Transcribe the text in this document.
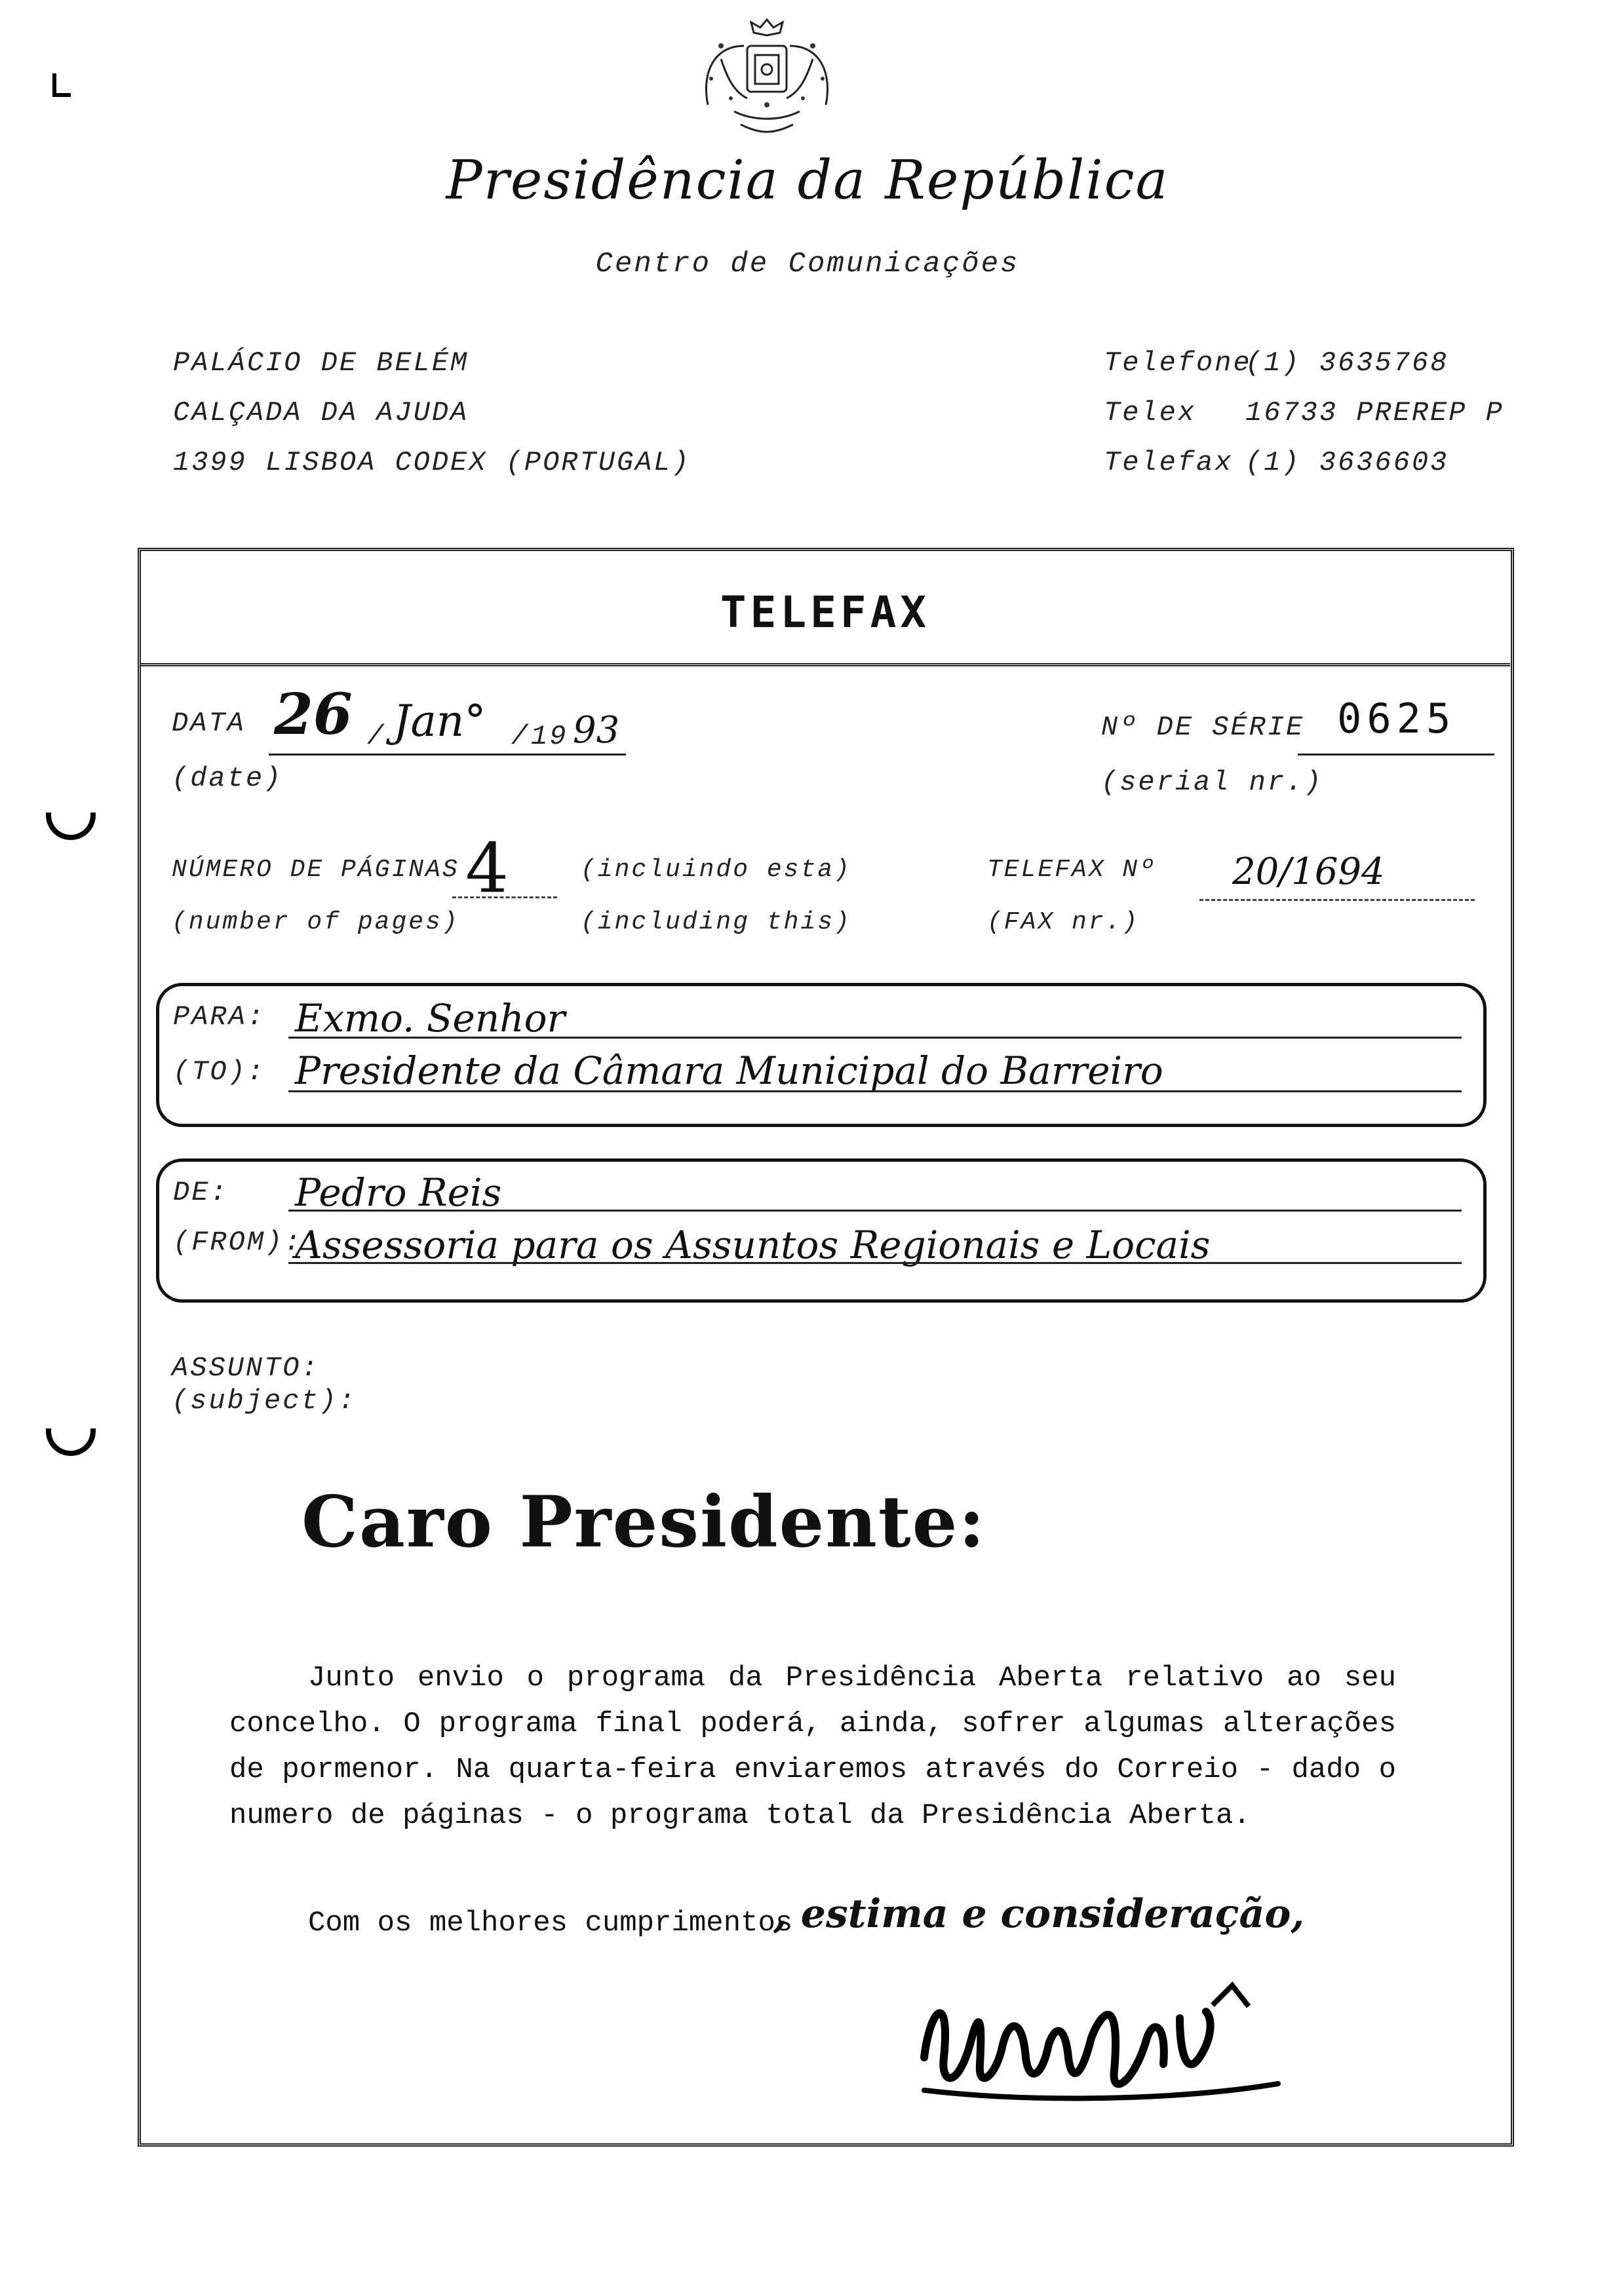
Presidência da República
Centro de Comunicações
PALÁCIO DE BELÉM
CALÇADA DA AJUDA
1399 LISBOA CODEX (PORTUGAL)
Telefone
(1) 3635768
Telex 16733 PREREP P
Telefax (1) 3636603
TELEFAX
DATA
(date)
26 / Jan° / 19 93	Nº DE SÉRIE
(serial nr.)
0625
NÚMERO DE PÁGINAS
(number of pages)
4	(incluindo esta)
(including this)
TELEFAX Nº
(FAX nr.)
20/1694
PARA:
(TO):
Exmo. Senhor
Presidente da Câmara Municipal do Barreiro
DE:
(FROM):
Pedro Reis
Assessoria para os Assuntos Regionais e Locais
ASSUNTO:
(subject):
Caro Presidente:
Junto envio o programa da Presidência Aberta relativo ao seu concelho. O programa final poderá, ainda, sofrer algumas alterações de pormenor. Na quarta-feira enviaremos através do Correio - dado o numero de páginas - o programa total da Presidência Aberta.
Com os melhores cumprimentos
, estima e consideração,
